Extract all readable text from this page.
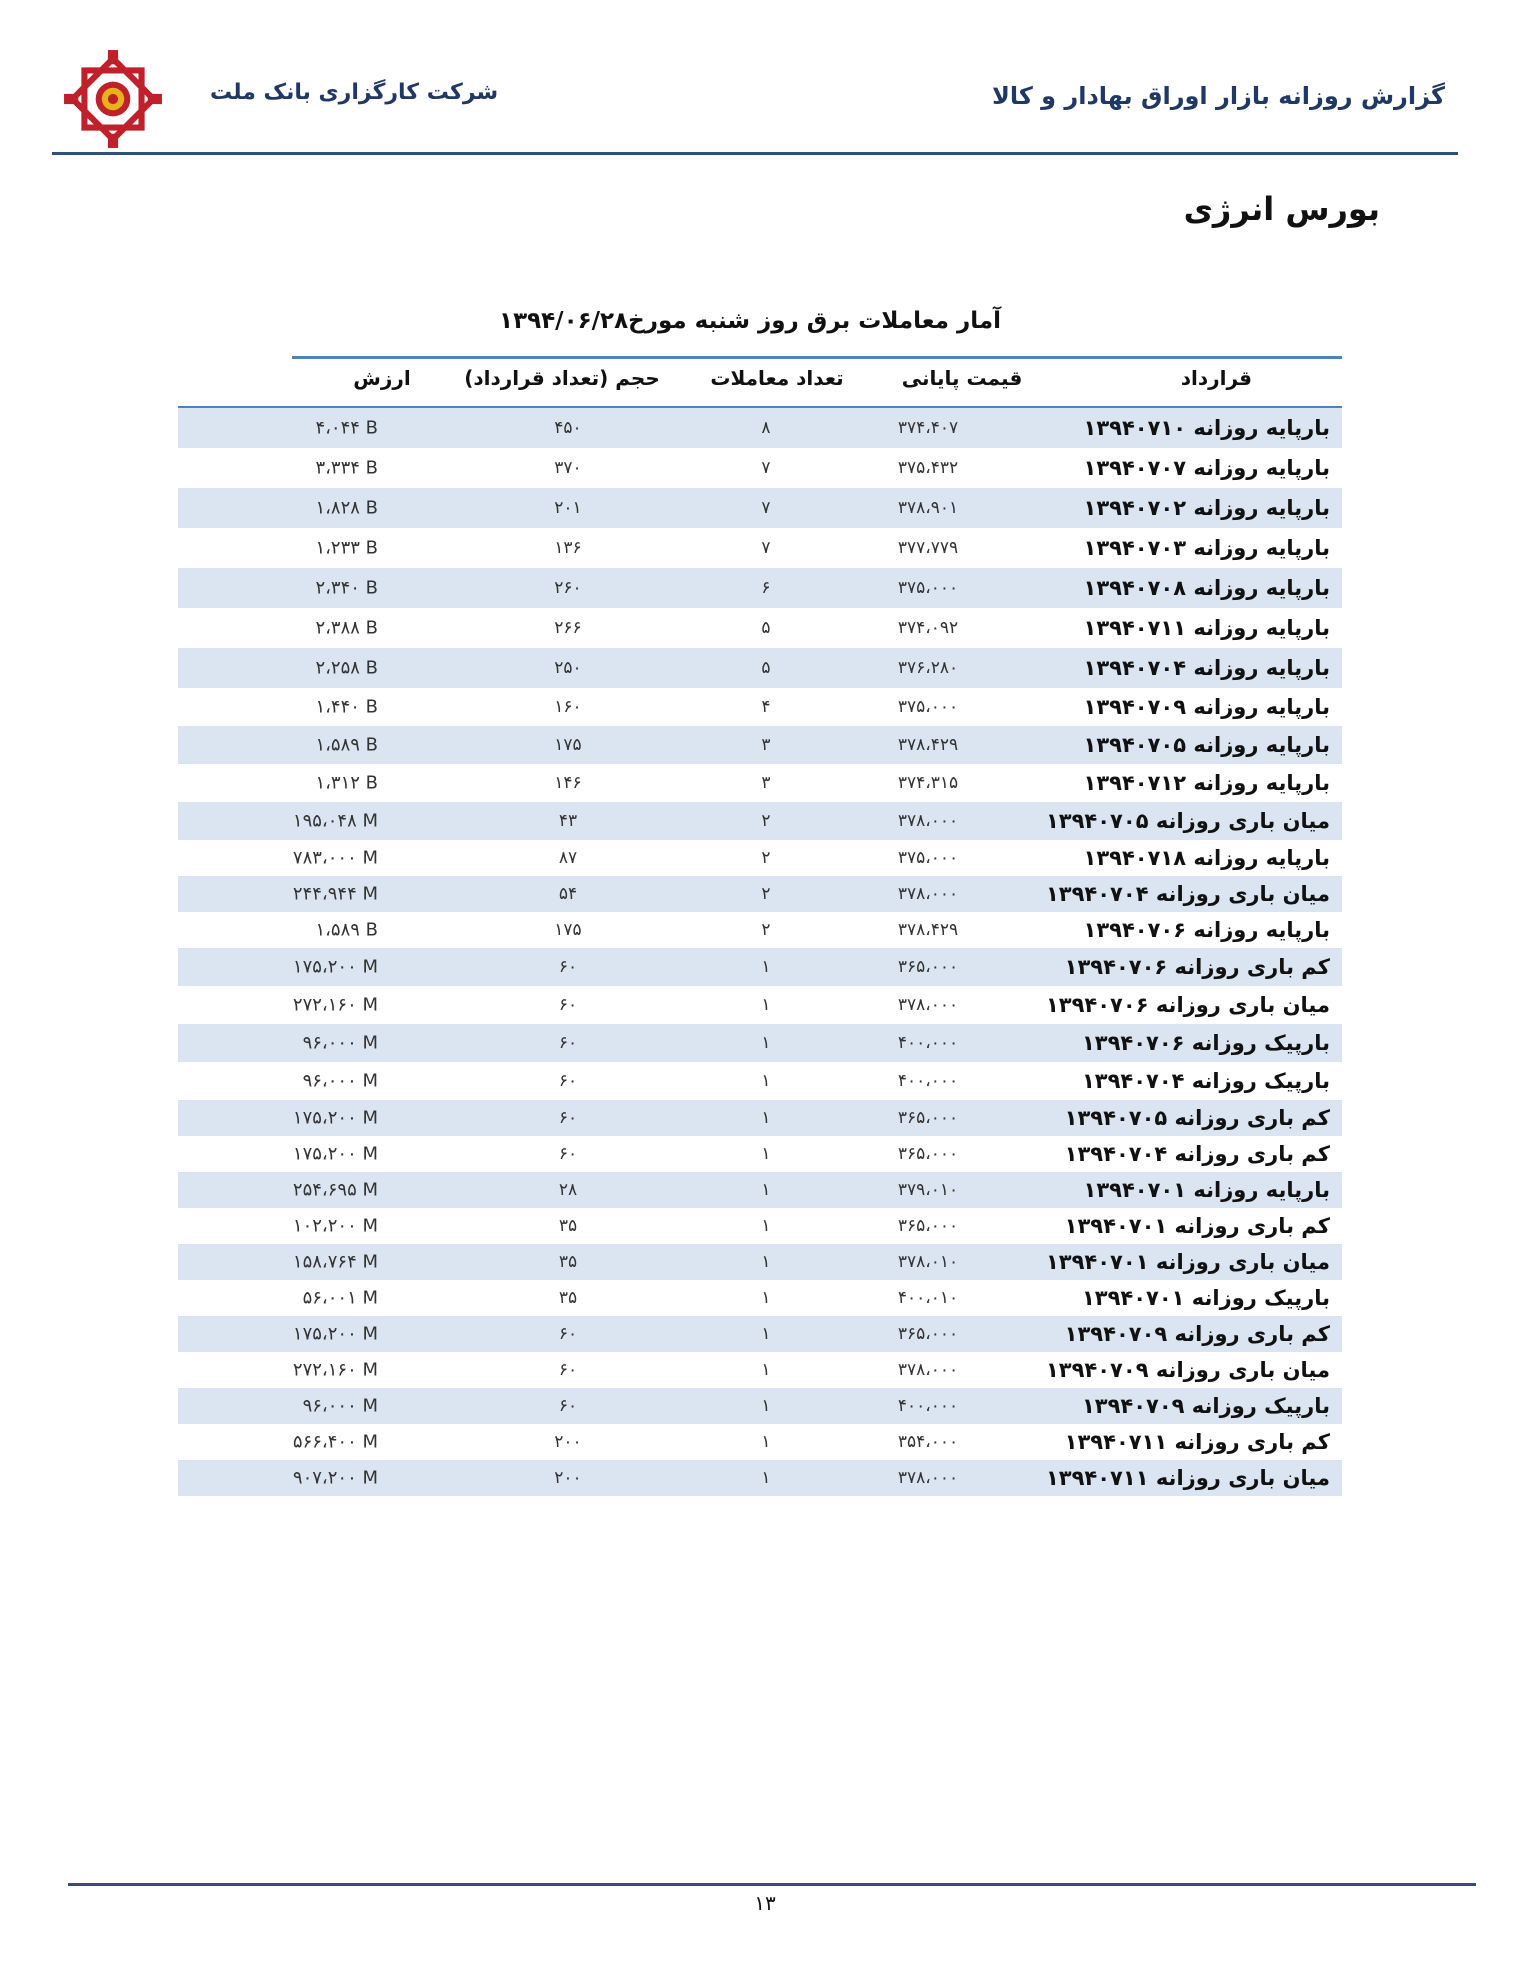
شرکت کارگزاری بانک ملت	گزارش روزانه بازار اوراق بهادار و کالا
بورس انرژی
آمار معاملات برق روز شنبه مورخ۱۳۹۴/۰۶/۲۸
قرارداد
قیمت پایانی
تعداد معاملات
حجم (تعداد قرارداد)
ارزش
بارپایه روزانه ۱۳۹۴۰۷۱۰
۳۷۴،۴۰۷
۸
۴۵۰
۴،۰۴۴ B
بارپایه روزانه ۱۳۹۴۰۷۰۷
۳۷۵،۴۳۲
۷
۳۷۰
۳،۳۳۴ B
بارپایه روزانه ۱۳۹۴۰۷۰۲
۳۷۸،۹۰۱
۷
۲۰۱
۱،۸۲۸ B
بارپایه روزانه ۱۳۹۴۰۷۰۳
۳۷۷،۷۷۹
۷
۱۳۶
۱،۲۳۳ B
بارپایه روزانه ۱۳۹۴۰۷۰۸
۳۷۵،۰۰۰
۶
۲۶۰
۲،۳۴۰ B
بارپایه روزانه ۱۳۹۴۰۷۱۱
۳۷۴،۰۹۲
۵
۲۶۶
۲،۳۸۸ B
بارپایه روزانه ۱۳۹۴۰۷۰۴
۳۷۶،۲۸۰
۵
۲۵۰
۲،۲۵۸ B
بارپایه روزانه ۱۳۹۴۰۷۰۹
۳۷۵،۰۰۰
۴
۱۶۰
۱،۴۴۰ B
بارپایه روزانه ۱۳۹۴۰۷۰۵
۳۷۸،۴۲۹
۳
۱۷۵
۱،۵۸۹ B
بارپایه روزانه ۱۳۹۴۰۷۱۲
۳۷۴،۳۱۵
۳
۱۴۶
۱،۳۱۲ B
میان باری روزانه ۱۳۹۴۰۷۰۵
۳۷۸،۰۰۰
۲
۴۳
۱۹۵،۰۴۸ M
بارپایه روزانه ۱۳۹۴۰۷۱۸
۳۷۵،۰۰۰
۲
۸۷
۷۸۳،۰۰۰ M
میان باری روزانه ۱۳۹۴۰۷۰۴
۳۷۸،۰۰۰
۲
۵۴
۲۴۴،۹۴۴ M
بارپایه روزانه ۱۳۹۴۰۷۰۶
۳۷۸،۴۲۹
۲
۱۷۵
۱،۵۸۹ B
کم باری روزانه ۱۳۹۴۰۷۰۶
۳۶۵،۰۰۰
۱
۶۰
۱۷۵،۲۰۰ M
میان باری روزانه ۱۳۹۴۰۷۰۶
۳۷۸،۰۰۰
۱
۶۰
۲۷۲،۱۶۰ M
بارپیک روزانه ۱۳۹۴۰۷۰۶
۴۰۰،۰۰۰
۱
۶۰
۹۶،۰۰۰ M
بارپیک روزانه ۱۳۹۴۰۷۰۴
۴۰۰،۰۰۰
۱
۶۰
۹۶،۰۰۰ M
کم باری روزانه ۱۳۹۴۰۷۰۵
۳۶۵،۰۰۰
۱
۶۰
۱۷۵،۲۰۰ M
کم باری روزانه ۱۳۹۴۰۷۰۴
۳۶۵،۰۰۰
۱
۶۰
۱۷۵،۲۰۰ M
بارپایه روزانه ۱۳۹۴۰۷۰۱
۳۷۹،۰۱۰
۱
۲۸
۲۵۴،۶۹۵ M
کم باری روزانه ۱۳۹۴۰۷۰۱
۳۶۵،۰۰۰
۱
۳۵
۱۰۲،۲۰۰ M
میان باری روزانه ۱۳۹۴۰۷۰۱
۳۷۸،۰۱۰
۱
۳۵
۱۵۸،۷۶۴ M
بارپیک روزانه ۱۳۹۴۰۷۰۱
۴۰۰،۰۱۰
۱
۳۵
۵۶،۰۰۱ M
کم باری روزانه ۱۳۹۴۰۷۰۹
۳۶۵،۰۰۰
۱
۶۰
۱۷۵،۲۰۰ M
میان باری روزانه ۱۳۹۴۰۷۰۹
۳۷۸،۰۰۰
۱
۶۰
۲۷۲،۱۶۰ M
بارپیک روزانه ۱۳۹۴۰۷۰۹
۴۰۰،۰۰۰
۱
۶۰
۹۶،۰۰۰ M
کم باری روزانه ۱۳۹۴۰۷۱۱
۳۵۴،۰۰۰
۱
۲۰۰
۵۶۶،۴۰۰ M
میان باری روزانه ۱۳۹۴۰۷۱۱
۳۷۸،۰۰۰
۱
۲۰۰
۹۰۷،۲۰۰ M
۱۳
